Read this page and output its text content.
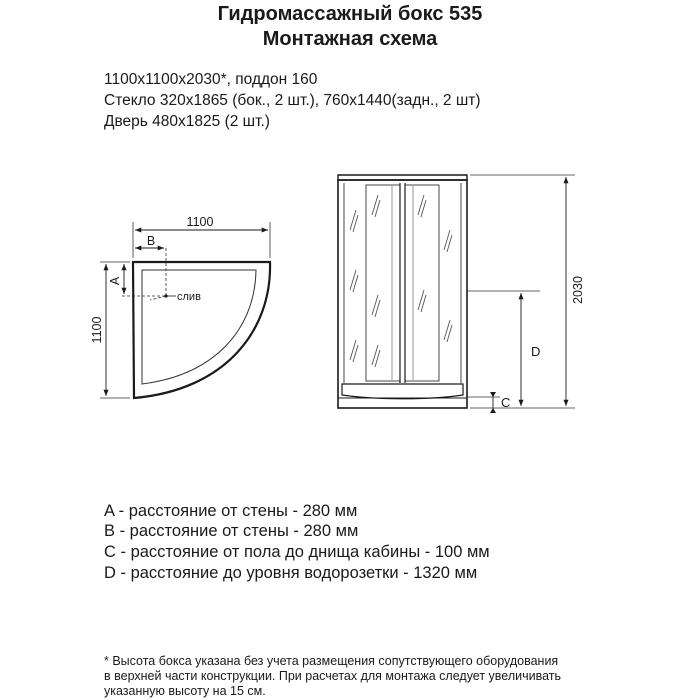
Гидромассажный бокс 535
Монтажная схема
1100х1100х2030*, поддон 160
Стекло 320х1865 (бок., 2 шт.), 760х1440(задн., 2 шт)
Дверь 480х1825 (2 шт.)
слив
1100
B
1100
A	2030
D
C
A - расстояние от стены - 280 мм
B - расстояние от стены - 280 мм
C - расстояние от пола до днища кабины - 100 мм
D - расстояние до уровня водорозетки - 1320 мм
* Высота бокса указана без учета размещения сопутствующего оборудования
в верхней части конструкции. При расчетах для монтажа следует увеличивать
указанную высоту на 15 см.
